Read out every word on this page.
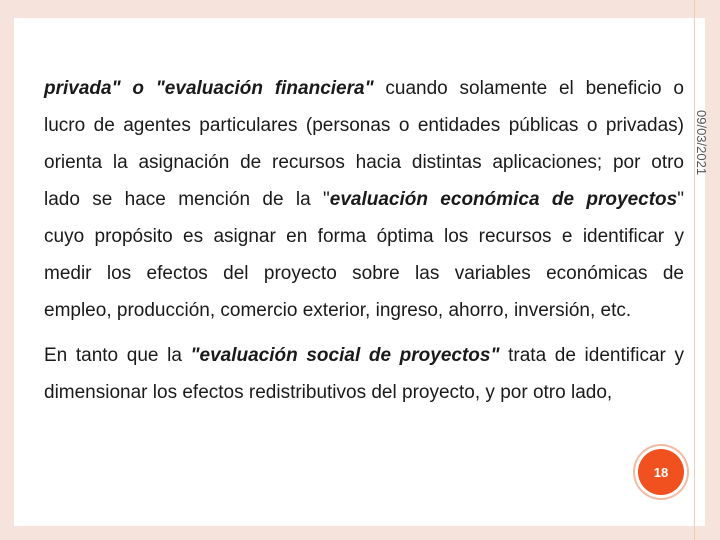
09/03/2021
privada" o "evaluación financiera" cuando solamente el beneficio o
lucro de agentes particulares (personas o entidades públicas o privadas)
orienta la asignación de recursos hacia distintas aplicaciones; por otro
lado se hace mención de la "evaluación económica de proyectos"
cuyo propósito es asignar en forma óptima los recursos e identificar y
medir los efectos del proyecto sobre las variables económicas de
empleo, producción, comercio exterior, ingreso, ahorro, inversión, etc.
En tanto que la "evaluación social de proyectos" trata de identificar y
dimensionar los efectos redistributivos del proyecto, y por otro lado,
18
